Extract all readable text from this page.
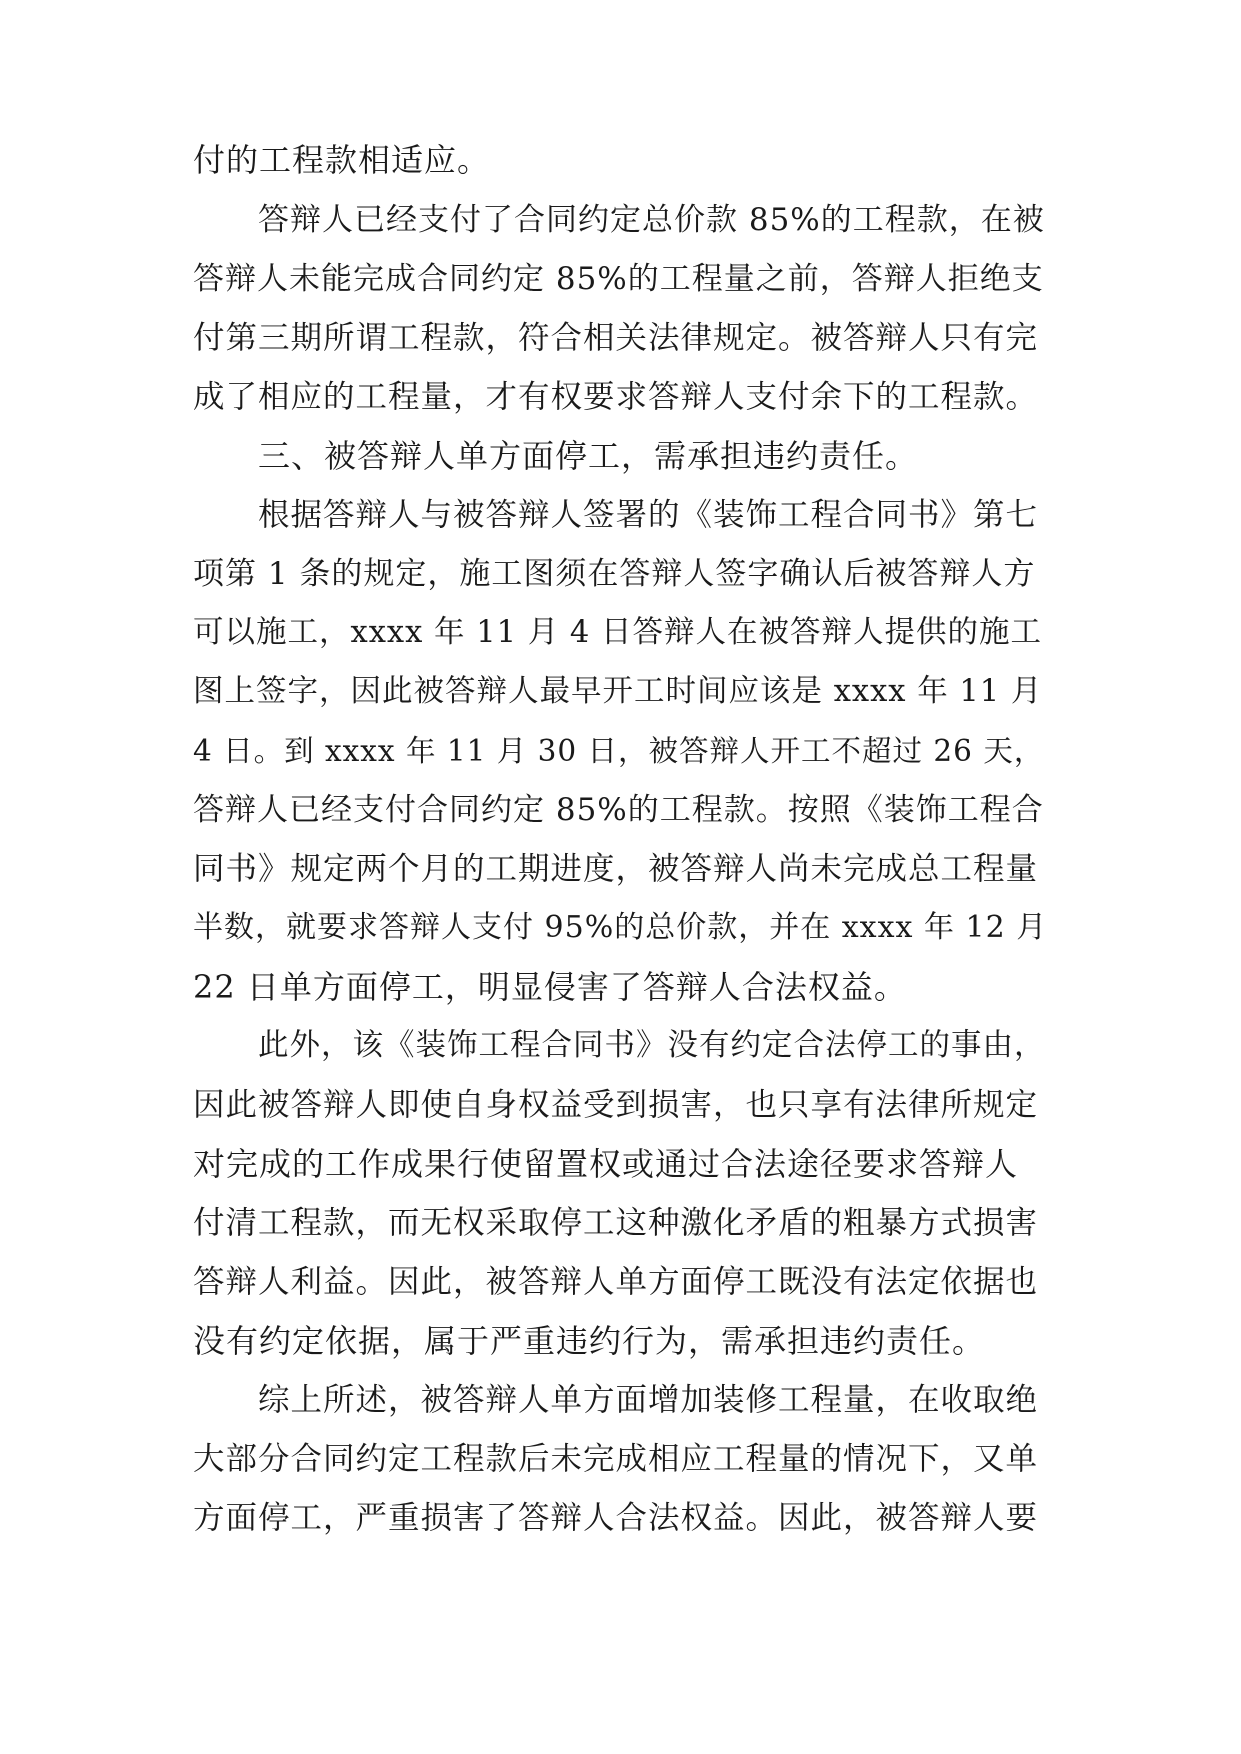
付的工程款相适应。
答辩人已经支付了合同约定总价款 85%的工程款，在被
答辩人未能完成合同约定 85%的工程量之前，答辩人拒绝支
付第三期所谓工程款，符合相关法律规定。被答辩人只有完
成了相应的工程量，才有权要求答辩人支付余下的工程款。
三、被答辩人单方面停工，需承担违约责任。
根据答辩人与被答辩人签署的《装饰工程合同书》第七
项第 1 条的规定，施工图须在答辩人签字确认后被答辩人方
可以施工，xxxx 年 11 月 4 日答辩人在被答辩人提供的施工
图上签字，因此被答辩人最早开工时间应该是 xxxx 年 11 月
4 日。到 xxxx 年 11 月 30 日，被答辩人开工不超过 26 天，
答辩人已经支付合同约定 85%的工程款。按照《装饰工程合
同书》规定两个月的工期进度，被答辩人尚未完成总工程量
半数，就要求答辩人支付 95%的总价款，并在 xxxx 年 12 月
22 日单方面停工，明显侵害了答辩人合法权益。
此外，该《装饰工程合同书》没有约定合法停工的事由，
因此被答辩人即使自身权益受到损害，也只享有法律所规定
对完成的工作成果行使留置权或通过合法途径要求答辩人
付清工程款，而无权采取停工这种激化矛盾的粗暴方式损害
答辩人利益。因此，被答辩人单方面停工既没有法定依据也
没有约定依据，属于严重违约行为，需承担违约责任。
综上所述，被答辩人单方面增加装修工程量，在收取绝
大部分合同约定工程款后未完成相应工程量的情况下，又单
方面停工，严重损害了答辩人合法权益。因此，被答辩人要
